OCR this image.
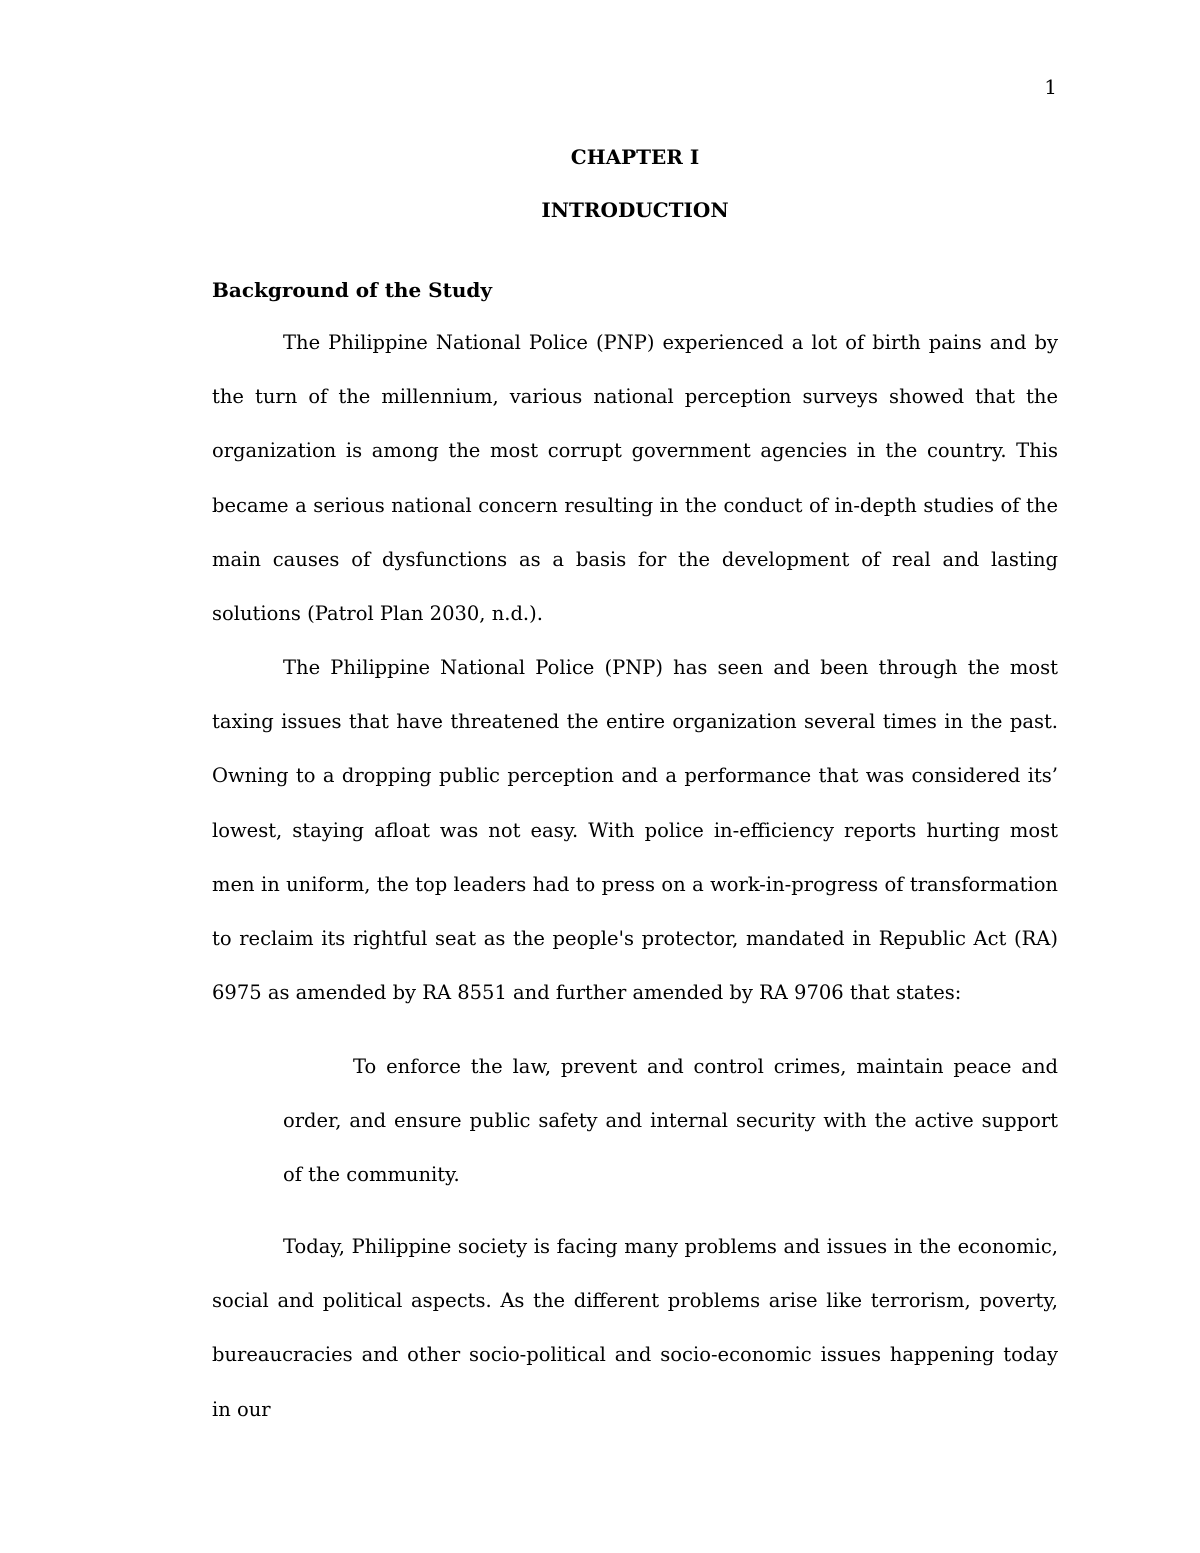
1
CHAPTER I
INTRODUCTION
Background of the Study

The Philippine National Police (PNP) experienced a lot of birth pains and by the turn of the millennium, various national perception surveys showed that the organization is among the most corrupt government agencies in the country. This became a serious national concern resulting in the conduct of in-depth studies of the main causes of dysfunctions as a basis for the development of real and lasting solutions (Patrol Plan 2030, n.d.).

The Philippine National Police (PNP) has seen and been through the most taxing issues that have threatened the entire organization several times in the past. Owning to a dropping public perception and a performance that was considered its’ lowest, staying afloat was not easy. With police in-efficiency reports hurting most men in uniform, the top leaders had to press on a work-in-progress of transformation to reclaim its rightful seat as the people's protector, mandated in Republic Act (RA) 6975 as amended by RA 8551 and further amended by RA 9706 that states:

To enforce the law, prevent and control crimes, maintain peace and order, and ensure public safety and internal security with the active support of the community.

Today, Philippine society is facing many problems and issues in the economic, social and political aspects. As the different problems arise like terrorism, poverty, bureaucracies and other socio-political and socio-economic issues happening today in our
